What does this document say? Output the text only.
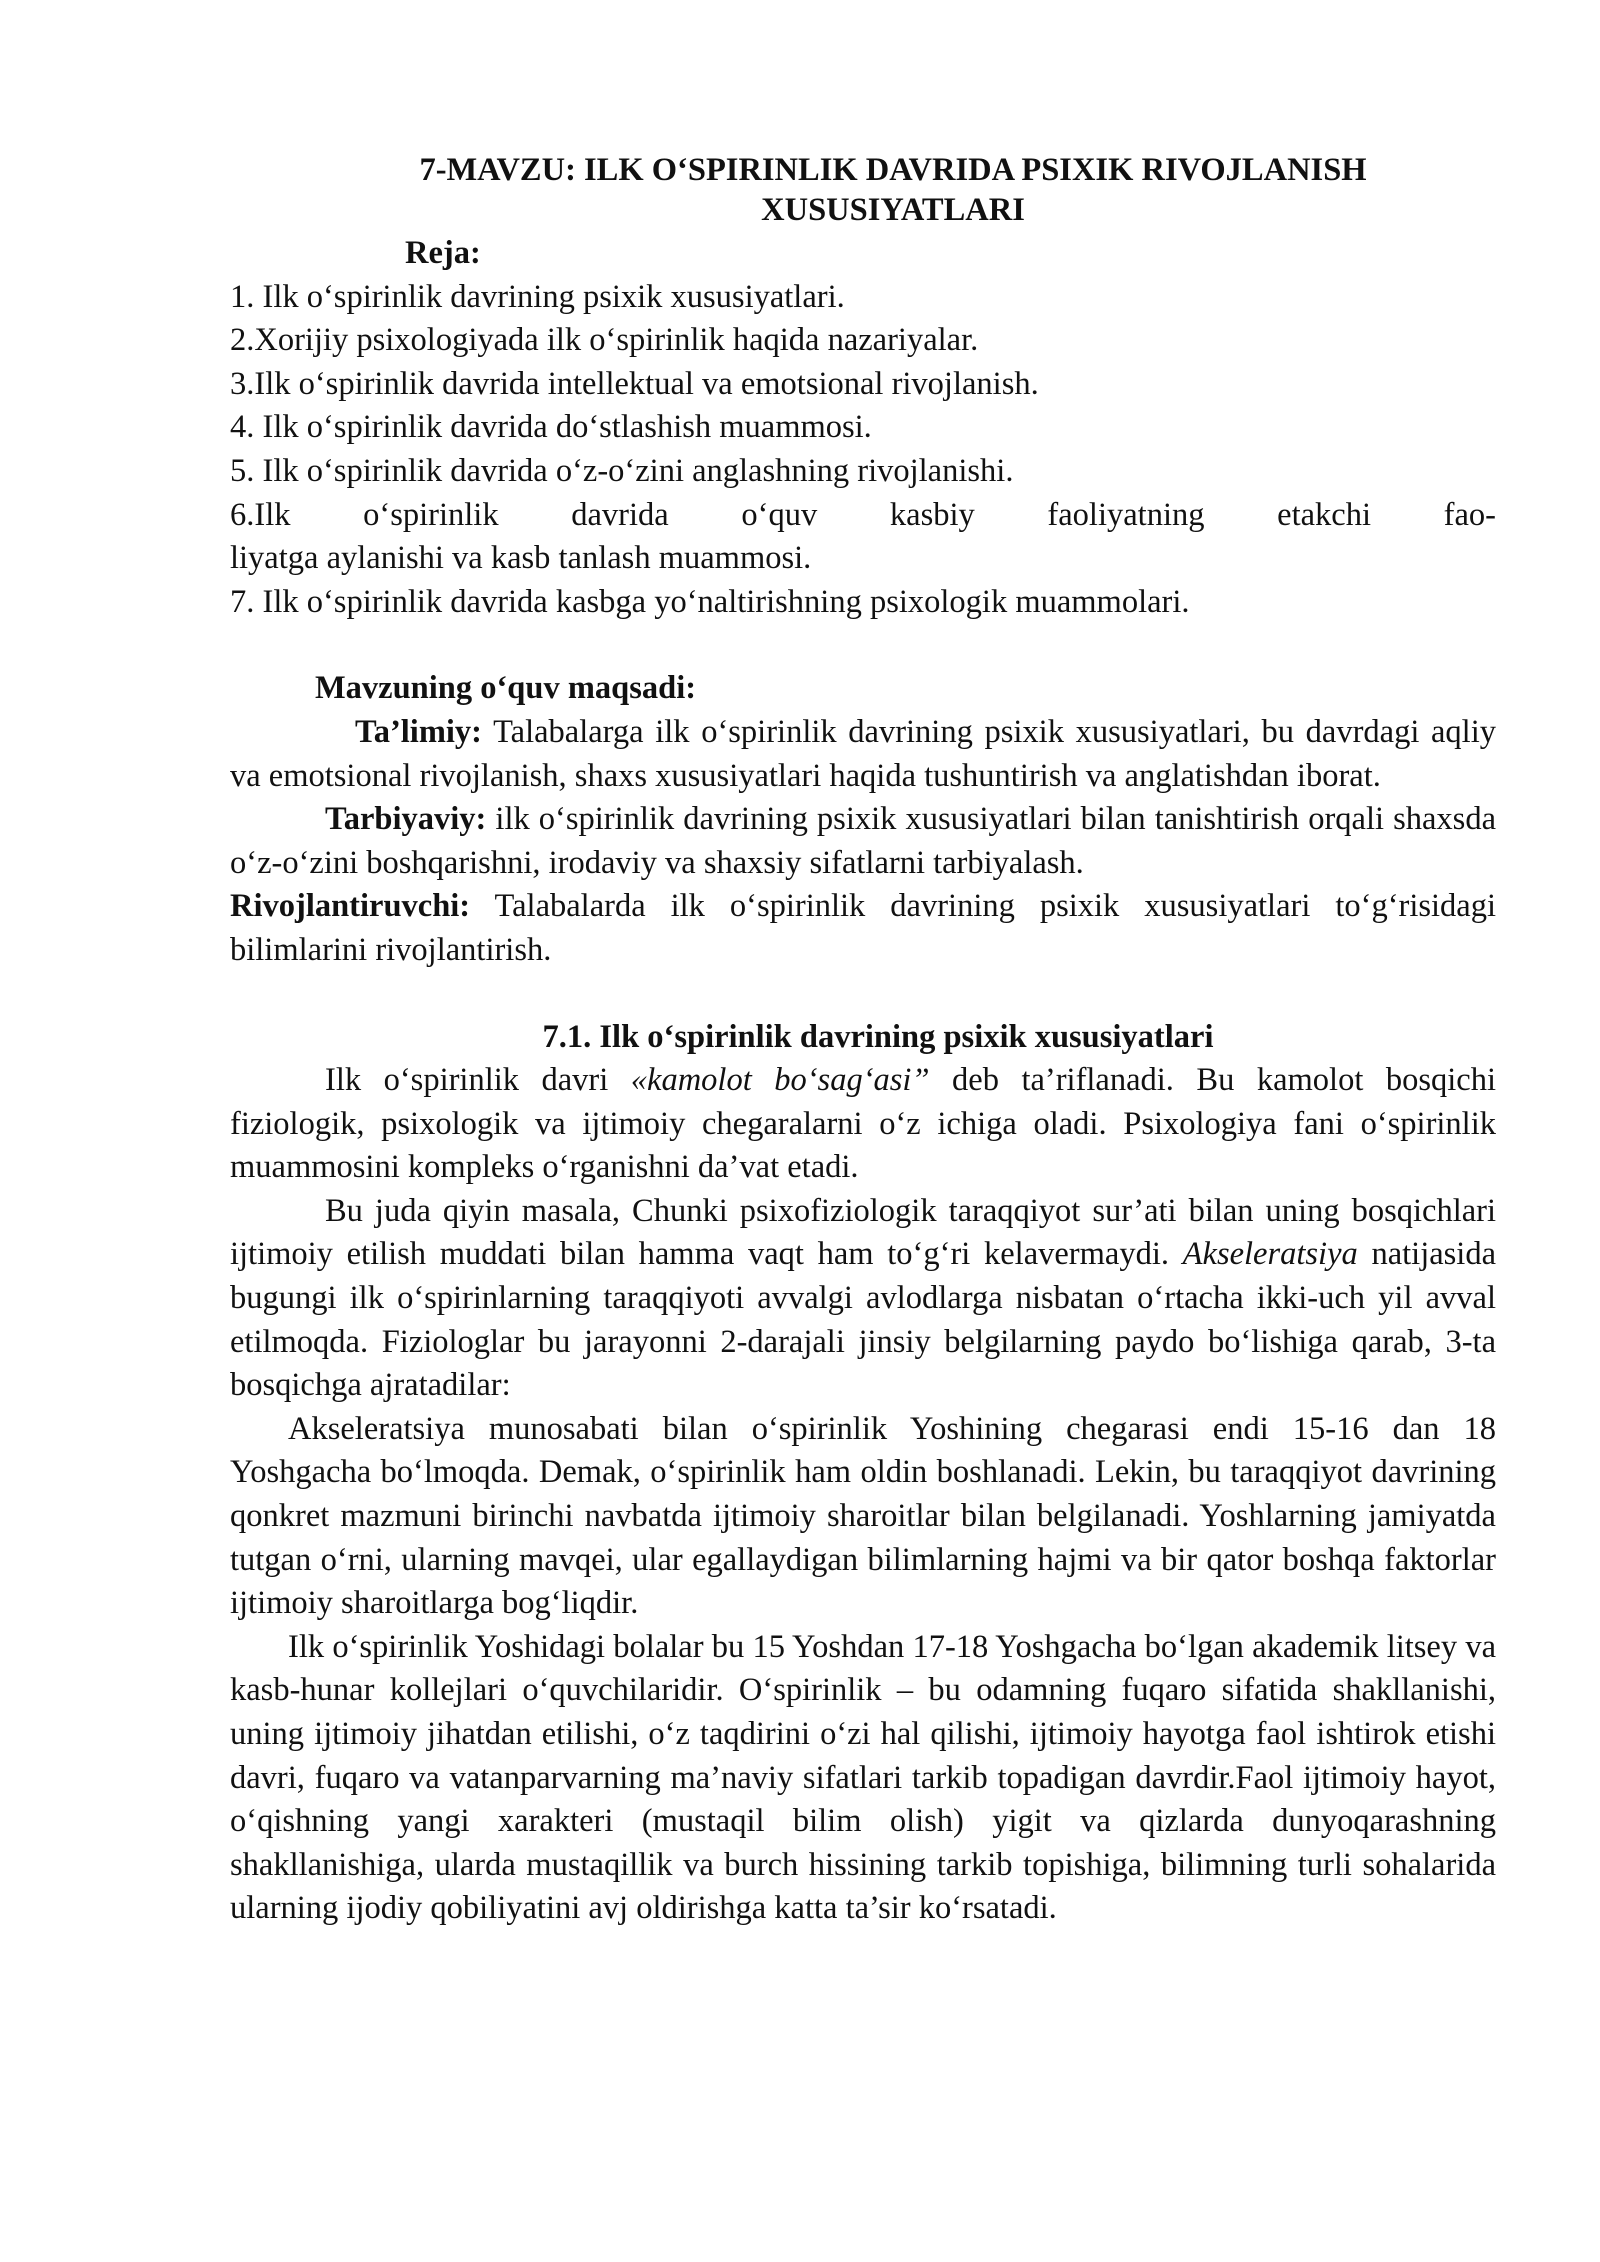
7-MAVZU: ILK O‘SPIRINLIK DAVRIDA PSIXIK RIVOJLANISH
XUSUSIYATLARI

Reja:

1. Ilk o‘spirinlik davrining psixik xususiyatlari.

2.Xorijiy psixologiyada ilk o‘spirinlik haqida nazariyalar.

3.Ilk o‘spirinlik davrida intellektual va emotsional rivojlanish.

4. Ilk o‘spirinlik davrida do‘stlashish muammosi.

5. Ilk o‘spirinlik davrida o‘z-o‘zini anglashning rivojlanishi.

6.Ilk o‘spirinlik davrida o‘quv kasbiy faoliyatning etakchi fao-

liyatga aylanishi va kasb tanlash muammosi.

7. Ilk o‘spirinlik davrida kasbga yo‘naltirishning psixologik muammolari.

Mavzuning o‘quv maqsadi:

Ta’limiy: Talabalarga ilk o‘spirinlik davrining psixik xususiyatlari, bu davrdagi aqliy va emotsional rivojlanish, shaxs xususiyatlari haqida tushuntirish va anglatishdan iborat.

Tarbiyaviy: ilk o‘spirinlik davrining psixik xususiyatlari bilan tanishtirish orqali shaxsda o‘z-o‘zini boshqarishni, irodaviy va shaxsiy sifatlarni tarbiyalash.

Rivojlantiruvchi: Talabalarda ilk o‘spirinlik davrining psixik xususiyatlari to‘g‘risidagi bilimlarini rivojlantirish.

7.1. Ilk o‘spirinlik davrining psixik xususiyatlari

Ilk o‘spirinlik davri «kamolot bo‘sag‘asi” deb ta’riflanadi. Bu kamolot bosqichi fiziologik, psixologik va ijtimoiy chegaralarni o‘z ichiga oladi. Psixologiya fani o‘spirinlik muammosini kompleks o‘rganishni da’vat etadi.

Bu juda qiyin masala, Chunki psixofiziologik taraqqiyot sur’ati bilan uning bosqichlari ijtimoiy etilish muddati bilan hamma vaqt ham to‘g‘ri kelavermaydi. Akseleratsiya natijasida bugungi ilk o‘spirinlarning taraqqiyoti avvalgi avlodlarga nisbatan o‘rtacha ikki-uch yil avval etilmoqda. Fiziologlar bu jarayonni 2-darajali jinsiy belgilarning paydo bo‘lishiga qarab, 3-ta bosqichga ajratadilar:

Akseleratsiya munosabati bilan o‘spirinlik Yoshining chegarasi endi 15-16 dan 18 Yoshgacha bo‘lmoqda. Demak, o‘spirinlik ham oldin boshlanadi. Lekin, bu taraqqiyot davrining qonkret mazmuni birinchi navbatda ijtimoiy sharoitlar bilan belgilanadi. Yoshlarning jamiyatda tutgan o‘rni, ularning mavqei, ular egallaydigan bilimlarning hajmi va bir qator boshqa faktorlar ijtimoiy sharoitlarga bog‘liqdir.

Ilk o‘spirinlik Yoshidagi bolalar bu 15 Yoshdan 17-18 Yoshgacha bo‘lgan akademik litsey va kasb-hunar kollejlari o‘quvchilaridir. O‘spirinlik – bu odamning fuqaro sifatida shakllanishi, uning ijtimoiy jihatdan etilishi, o‘z taqdirini o‘zi hal qilishi, ijtimoiy hayotga faol ishtirok etishi davri, fuqaro va vatanparvarning ma’naviy sifatlari tarkib topadigan davrdir.Faol ijtimoiy hayot, o‘qishning yangi xarakteri (mustaqil bilim olish) yigit va qizlarda dunyoqarashning shakllanishiga, ularda mustaqillik va burch hissining tarkib topishiga, bilimning turli sohalarida ularning ijodiy qobiliyatini avj oldirishga katta ta’sir ko‘rsatadi.
